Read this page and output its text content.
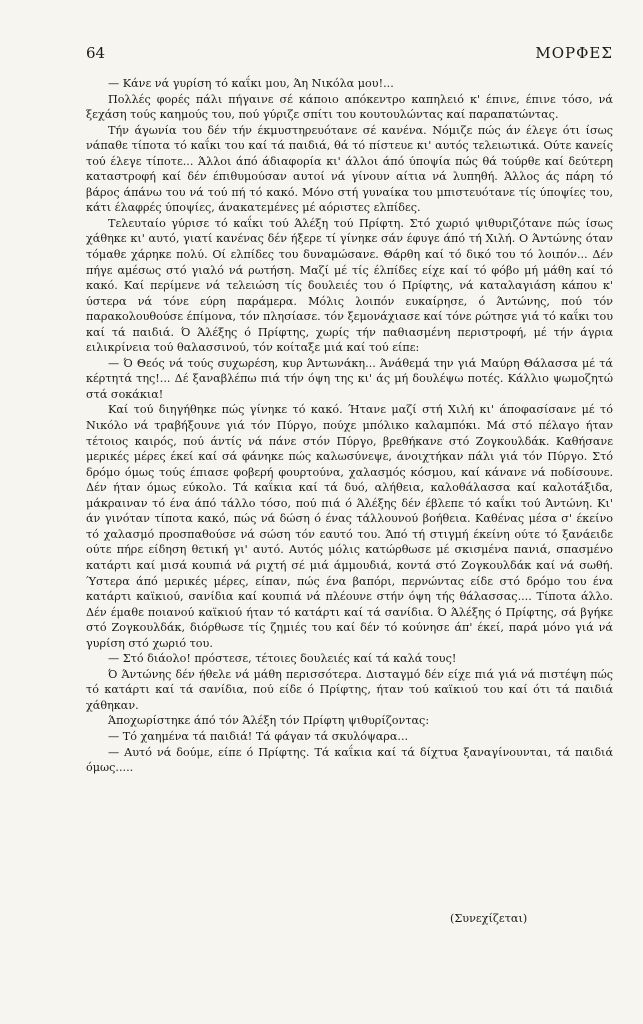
64	ΜΟΡΦΕΣ

— Κάνε νά γυρίση τό καΐκι μου, Άη Νικόλα μου!...

Πολλές φορές πάλι πήγαινε σέ κάποιο απόκεντρο καπηλειό κ' έπινε, έπινε τόσο, νά ξεχάση τούς καημούς του, πού γύριζε σπίτι του κουτουλώντας καί παραπατώντας.

Τήν άγωνία του δέν τήν έκμυστηρευότανε σέ κανένα. Νόμιζε πώς άν έλεγε ότι ίσως νάπαθε τίποτα τό καΐκι του καί τά παιδιά, θά τό πίστευε κι' αυτός τελειωτικά. Ούτε κανείς τού έλεγε τίποτε... Άλλοι άπό άδιαφορία κι' άλλοι άπό ύποψία πώς θά τούρθε καί δεύτερη καταστροφή καί δέν έπιθυμούσαν αυτοί νά γίνουν αίτια νά λυπηθή. Άλλος άς πάρη τό βάρος άπάνω του νά τού πή τό κακό. Μόνο στή γυναίκα του μπιστευότανε τίς ύποψίες του, κάτι έλαφρές ύποψίες, άνακατεμένες μέ αόριστες ελπίδες.

Τελευταίο γύρισε τό καΐκι τού Άλέξη τού Πρίφτη. Στό χωριό ψιθυριζότανε πώς ίσως χάθηκε κι' αυτό, γιατί κανένας δέν ήξερε τί γίνηκε σάν έφυγε άπό τή Χιλή. Ο Άντώνης όταν τόμαθε χάρηκε πολύ. Οί ελπίδες του δυναμώσανε. Θάρθη καί τό δικό του τό λοιπόν... Δέν πήγε αμέσως στό γιαλό νά ρωτήση. Μαζί μέ τίς έλπίδες είχε καί τό φόβο μή μάθη καί τό κακό. Καί περίμενε νά τελειώση τίς δουλειές του ό Πρίφτης, νά καταλαγιάση κάπου κ' ύστερα νά τόνε εύρη παράμερα. Μόλις λοιπόν ευκαίρησε, ό Άντώνης, πού τόν παρακολουθούσε έπίμονα, τόν πλησίασε. τόν ξεμονάχιασε καί τόνε ρώτησε γιά τό καΐκι του καί τά παιδιά. Ό Άλέξης ό Πρίφτης, χωρίς τήν παθιασμένη περιστροφή, μέ τήν άγρια ειλικρίνεια τού θαλασσινού, τόν κοίταξε μιά καί τού είπε:

— Ό Θεός νά τούς συχωρέση, κυρ Άντωνάκη... Άνάθεμά την γιά Μαύρη Θάλασσα μέ τά κέρτητά της!... Δέ ξαναβλέπω πιά τήν όψη της κι' άς μή δουλέψω ποτές. Κάλλιο ψωμοζητώ στά σοκάκια!

Καί τού διηγήθηκε πώς γίνηκε τό κακό. Ήτανε μαζί στή Χιλή κι' άποφασίσανε μέ τό Νικόλο νά τραβήξουνε γιά τόν Πύργο, πούχε μπόλικο καλαμπόκι. Μά στό πέλαγο ήταν τέτοιος καιρός, πού άντίς νά πάνε στόν Πύργο, βρεθήκανε στό Ζογκουλδάκ. Καθήσανε μερικές μέρες έκεί καί σά φάνηκε πώς καλωσύνεψε, άνοιχτήκαν πάλι γιά τόν Πύργο. Στό δρόμο όμως τούς έπιασε φοβερή φουρτούνα, χαλασμός κόσμου, καί κάνανε νά ποδίσουνε. Δέν ήταν όμως εύκολο. Τά καΐκια καί τά δυό, αλήθεια, καλοθάλασσα καί καλοτάξιδα, μάκραιναν τό ένα άπό τάλλο τόσο, πού πιά ό Άλέξης δέν έβλεπε τό καΐκι τού Άντώνη. Κι' άν γινόταν τίποτα κακό, πώς νά δώση ό ένας τάλλουνού βοήθεια. Καθένας μέσα σ' έκείνο τό χαλασμό προσπαθούσε νά σώση τόν εαυτό του. Άπό τή στιγμή έκείνη ούτε τό ξανάειδε ούτε πήρε είδηση θετική γι' αυτό. Αυτός μόλις κατώρθωσε μέ σκισμένα πανιά, σπασμένο κατάρτι καί μισά κουπιά νά ριχτή σέ μιά άμμουδιά, κοντά στό Ζογκουλδάκ καί νά σωθή. Ύστερα άπό μερικές μέρες, είπαν, πώς ένα βαπόρι, περνώντας είδε στό δρόμο του ένα κατάρτι καϊκιού, σανίδια καί κουπιά νά πλέουνε στήν όψη τής θάλασσας.... Τίποτα άλλο. Δέν έμαθε ποιανού καϊκιού ήταν τό κατάρτι καί τά σανίδια. Ό Άλέξης ό Πρίφτης, σά βγήκε στό Ζογκουλδάκ, διόρθωσε τίς ζημιές του καί δέν τό κούνησε άπ' έκεί, παρά μόνο γιά νά γυρίση στό χωριό του.

— Στό διάολο! πρόστεσε, τέτοιες δουλειές καί τά καλά τους!

Ό Άντώνης δέν ήθελε νά μάθη περισσότερα. Δισταγμό δέν είχε πιά γιά νά πιστέψη πώς τό κατάρτι καί τά σανίδια, πού είδε ό Πρίφτης, ήταν τού καϊκιού του καί ότι τά παιδιά χάθηκαν.

Άποχωρίστηκε άπό τόν Άλέξη τόν Πρίφτη ψιθυρίζοντας:

— Τό χαημένα τά παιδιά! Τά φάγαν τά σκυλόψαρα...

— Αυτό νά δούμε, είπε ό Πρίφτης. Τά καΐκια καί τά δίχτυα ξαναγίνουνται, τά παιδιά όμως.....

(Συνεχίζεται)
